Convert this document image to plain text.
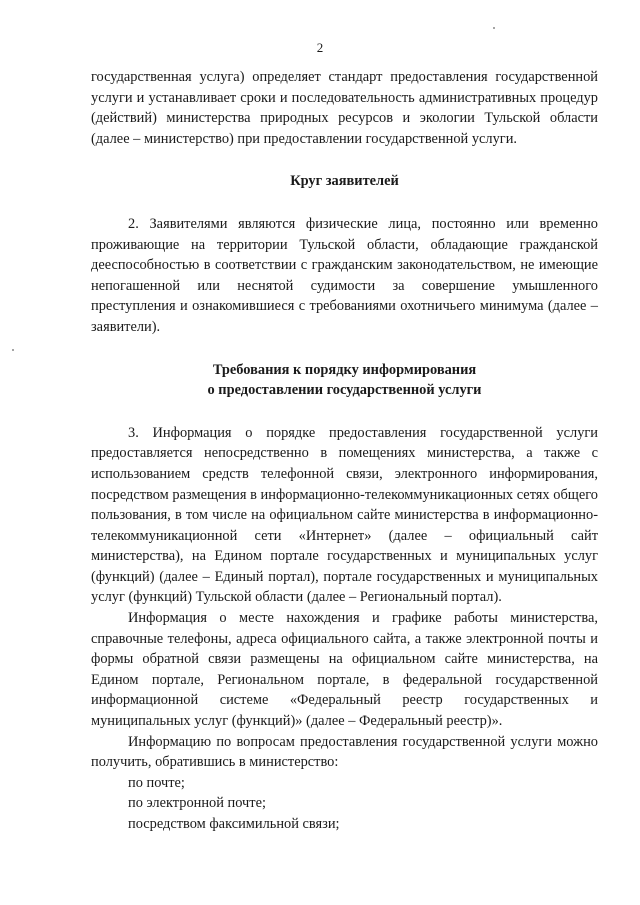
2

государственная услуга) определяет стандарт предоставления государственной услуги и устанавливает сроки и последовательность административных процедур (действий) министерства природных ресурсов и экологии Тульской области (далее – министерство) при предоставлении государственной услуги.

Круг заявителей

2. Заявителями являются физические лица, постоянно или временно проживающие на территории Тульской области, обладающие гражданской дееспособностью в соответствии с гражданским законодательством, не имеющие непогашенной или неснятой судимости за совершение умышленного преступления и ознакомившиеся с требованиями охотничьего минимума (далее – заявители).

Требования к порядку информирования
о предоставлении государственной услуги

3. Информация о порядке предоставления государственной услуги предоставляется непосредственно в помещениях министерства, а также с использованием средств телефонной связи, электронного информирования, посредством размещения в информационно-телекоммуникационных сетях общего пользования, в том числе на официальном сайте министерства в информационно-телекоммуникационной сети «Интернет» (далее – официальный сайт министерства), на Едином портале государственных и муниципальных услуг (функций) (далее – Единый портал), портале государственных и муниципальных услуг (функций) Тульской области (далее – Региональный портал).

Информация о месте нахождения и графике работы министерства, справочные телефоны, адреса официального сайта, а также электронной почты и формы обратной связи размещены на официальном сайте министерства, на Едином портале, Региональном портале, в федеральной государственной информационной системе «Федеральный реестр государственных и муниципальных услуг (функций)» (далее – Федеральный реестр)».

Информацию по вопросам предоставления государственной услуги можно получить, обратившись в министерство:

по почте;

по электронной почте;

посредством факсимильной связи;
